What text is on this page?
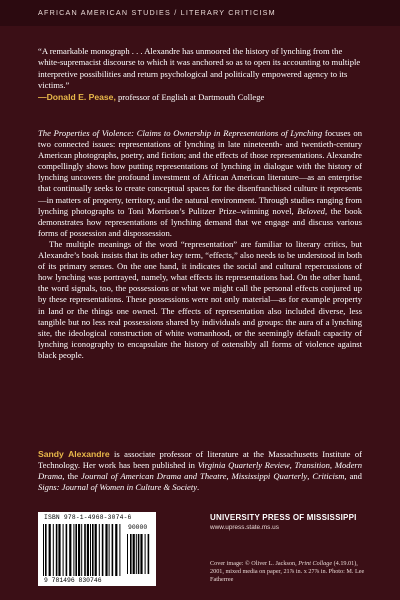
AFRICAN AMERICAN STUDIES / LITERARY CRITICISM
“A remarkable monograph . . . Alexandre has unmoored the history of lynching from the white-supremacist discourse to which it was anchored so as to open its accounting to multiple interpretive possibilities and return psychological and politically empowered agency to its victims.”
—Donald E. Pease, professor of English at Dartmouth College

The Properties of Violence: Claims to Ownership in Representations of Lynching focuses on two connected issues: representations of lynching in late nineteenth- and twentieth-century American photographs, poetry, and fiction; and the effects of those representations. Alexandre compellingly shows how putting representations of lynching in dialogue with the history of lynching uncovers the profound investment of African American literature—as an enterprise that continually seeks to create conceptual spaces for the disenfranchised culture it represents—in matters of property, territory, and the natural environment. Through studies ranging from lynching photographs to Toni Morrison’s Pulitzer Prize–winning novel, Beloved, the book demonstrates how representations of lynching demand that we engage and discuss various forms of possession and dispossession.

The multiple meanings of the word “representation” are familiar to literary critics, but Alexandre’s book insists that its other key term, “effects,” also needs to be understood in both of its primary senses. On the one hand, it indicates the social and cultural repercussions of how lynching was portrayed, namely, what effects its representations had. On the other hand, the word signals, too, the possessions or what we might call the personal effects conjured up by these representations. These possessions were not only material—as for example property in land or the things one owned. The effects of representation also included diverse, less tangible but no less real possessions shared by individuals and groups: the aura of a lynching site, the ideological construction of white womanhood, or the seemingly default capacity of lynching iconography to encapsulate the history of ostensibly all forms of violence against black people.

Sandy Alexandre is associate professor of literature at the Massachusetts Institute of Technology. Her work has been published in Virginia Quarterly Review, Transition, Modern Drama, the Journal of American Drama and Theatre, Mississippi Quarterly, Criticism, and Signs: Journal of Women in Culture & Society.
ISBN 978-1-4968-3074-6
90000
9 781496 830746
UNIVERSITY PRESS OF MISSISSIPPI
www.upress.state.ms.us
Cover image: © Oliver L. Jackson, Print Collage (4.19.01), 2001, mixed media on paper, 21⅞ in. x 27⅞ in. Photo: M. Lee Fatherree
